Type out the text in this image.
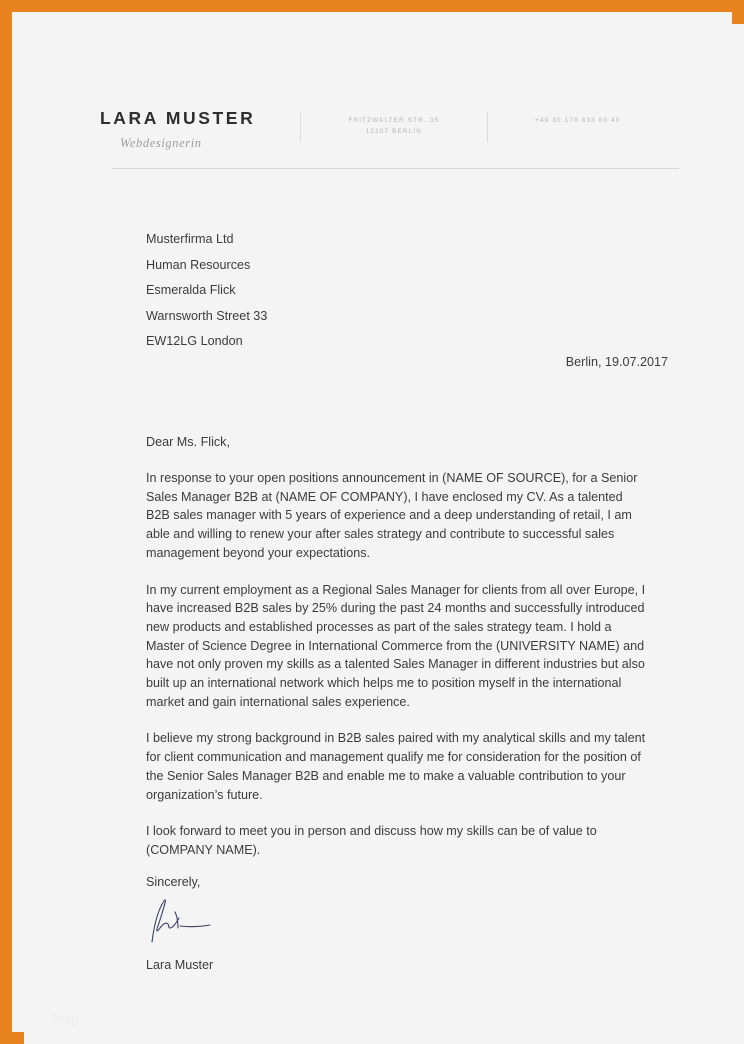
LARA MUSTER
Webdesignerin
FRITZWALTER STR. 35
12207 BERLIN
+49 30 178 833 60 40
Musterfirma Ltd
Human Resources
Esmeralda Flick
Warnsworth Street 33
EW12LG London
Berlin, 19.07.2017
Dear Ms. Flick,

In response to your open positions announcement in (NAME OF SOURCE), for a Senior Sales Manager B2B at (NAME OF COMPANY), I have enclosed my CV. As a talented B2B sales manager with 5 years of experience and a deep understanding of retail, I am able and willing to renew your after sales strategy and contribute to successful sales management beyond your expectations.

In my current employment as a Regional Sales Manager for clients from all over Europe, I have increased B2B sales by 25% during the past 24 months and successfully introduced new products and established processes as part of the sales strategy team. I hold a Master of Science Degree in International Commerce from the (UNIVERSITY NAME) and have not only proven my skills as a talented Sales Manager in different industries but also built up an international network which helps me to position myself in the international market and gain international sales experience.

I believe my strong background in B2B sales paired with my analytical skills and my talent for client communication and management qualify me for consideration for the position of the Senior Sales Manager B2B and enable me to make a valuable contribution to your organization’s future.

I look forward to meet you in person and discuss how my skills can be of value to (COMPANY NAME).

Sincerely,
Lara Muster
blog
